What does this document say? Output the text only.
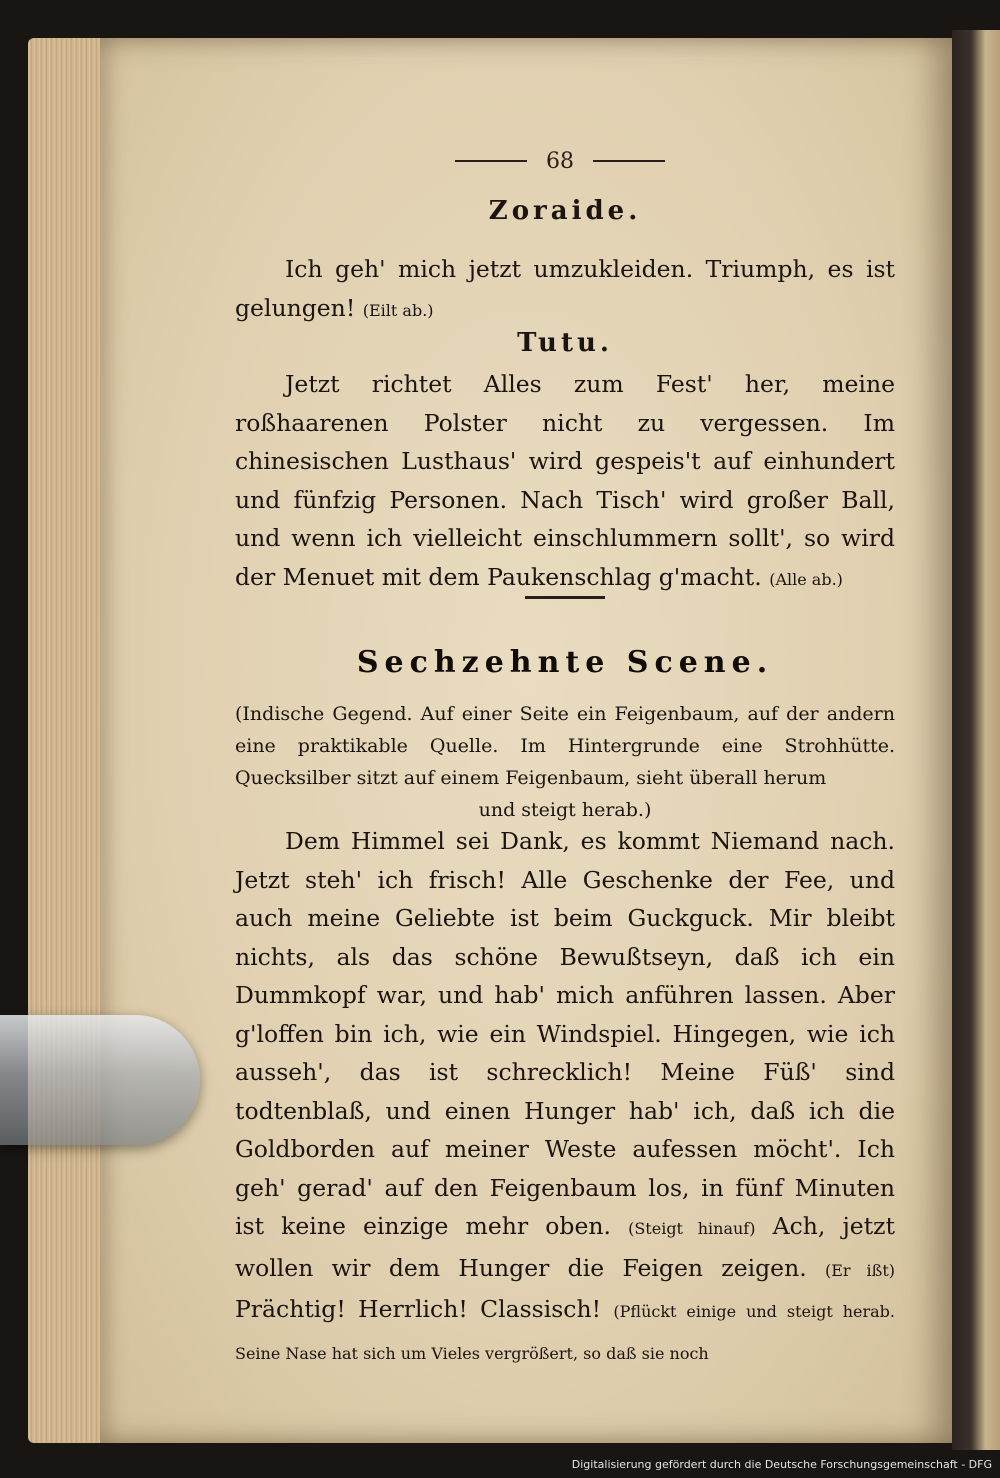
68
Zoraide.

Ich geh' mich jetzt umzukleiden. Triumph, es ist gelungen! (Eilt ab.)

Tutu.

Jetzt richtet Alles zum Fest' her, meine roßhaarenen Polster nicht zu vergessen. Im chinesischen Lusthaus' wird gespeis't auf einhundert und fünfzig Personen. Nach Tisch' wird großer Ball, und wenn ich vielleicht einschlummern sollt', so wird der Menuet mit dem Paukenschlag g'macht. (Alle ab.)

Sechzehnte Scene.

(Indische Gegend. Auf einer Seite ein Feigenbaum, auf der andern eine praktikable Quelle. Im Hintergrunde eine Strohhütte. Quecksilber sitzt auf einem Feigenbaum, sieht überall herum

und steigt herab.)

Dem Himmel sei Dank, es kommt Niemand nach. Jetzt steh' ich frisch! Alle Geschenke der Fee, und auch meine Geliebte ist beim Guckguck. Mir bleibt nichts, als das schöne Bewußtseyn, daß ich ein Dummkopf war, und hab' mich anführen lassen. Aber g'loffen bin ich, wie ein Windspiel. Hingegen, wie ich ausseh', das ist schrecklich! Meine Füß' sind todtenblaß, und einen Hunger hab' ich, daß ich die Goldborden auf meiner Weste aufessen möcht'. Ich geh' gerad' auf den Feigenbaum los, in fünf Minuten ist keine einzige mehr oben. (Steigt hinauf) Ach, jetzt wollen wir dem Hunger die Feigen zeigen. (Er ißt) Prächtig! Herrlich! Classisch! (Pflückt einige und steigt herab. Seine Nase hat sich um Vieles vergrößert, so daß sie noch

Digitalisierung gefördert durch die Deutsche Forschungsgemeinschaft - DFG
